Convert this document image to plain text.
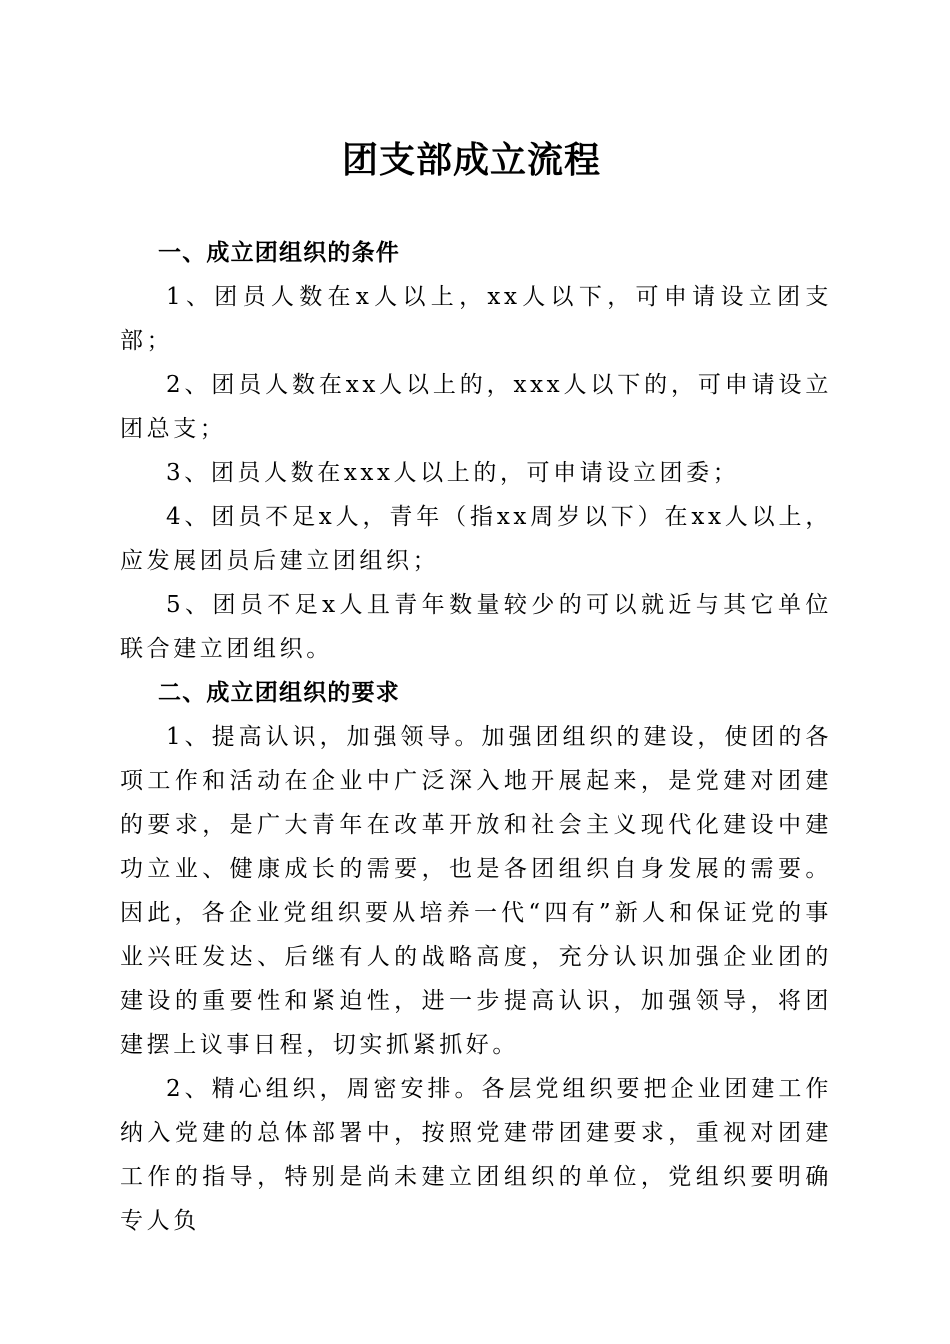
团支部成立流程

一、成立团组织的条件

1、团员人数在x人以上，xx人以下，可申请设立团支部；

2、团员人数在xx人以上的，xxx人以下的，可申请设立团总支；

3、团员人数在xxx人以上的，可申请设立团委；

4、团员不足x人，青年（指xx周岁以下）在xx人以上，应发展团员后建立团组织；

5、团员不足x人且青年数量较少的可以就近与其它单位联合建立团组织。

二、成立团组织的要求

1、提高认识，加强领导。加强团组织的建设，使团的各项工作和活动在企业中广泛深入地开展起来，是党建对团建的要求，是广大青年在改革开放和社会主义现代化建设中建功立业、健康成长的需要，也是各团组织自身发展的需要。因此，各企业党组织要从培养一代“四有”新人和保证党的事业兴旺发达、后继有人的战略高度，充分认识加强企业团的建设的重要性和紧迫性，进一步提高认识，加强领导，将团建摆上议事日程，切实抓紧抓好。

2、精心组织，周密安排。各层党组织要把企业团建工作纳入党建的总体部署中，按照党建带团建要求，重视对团建工作的指导，特别是尚未建立团组织的单位，党组织要明确专人负
